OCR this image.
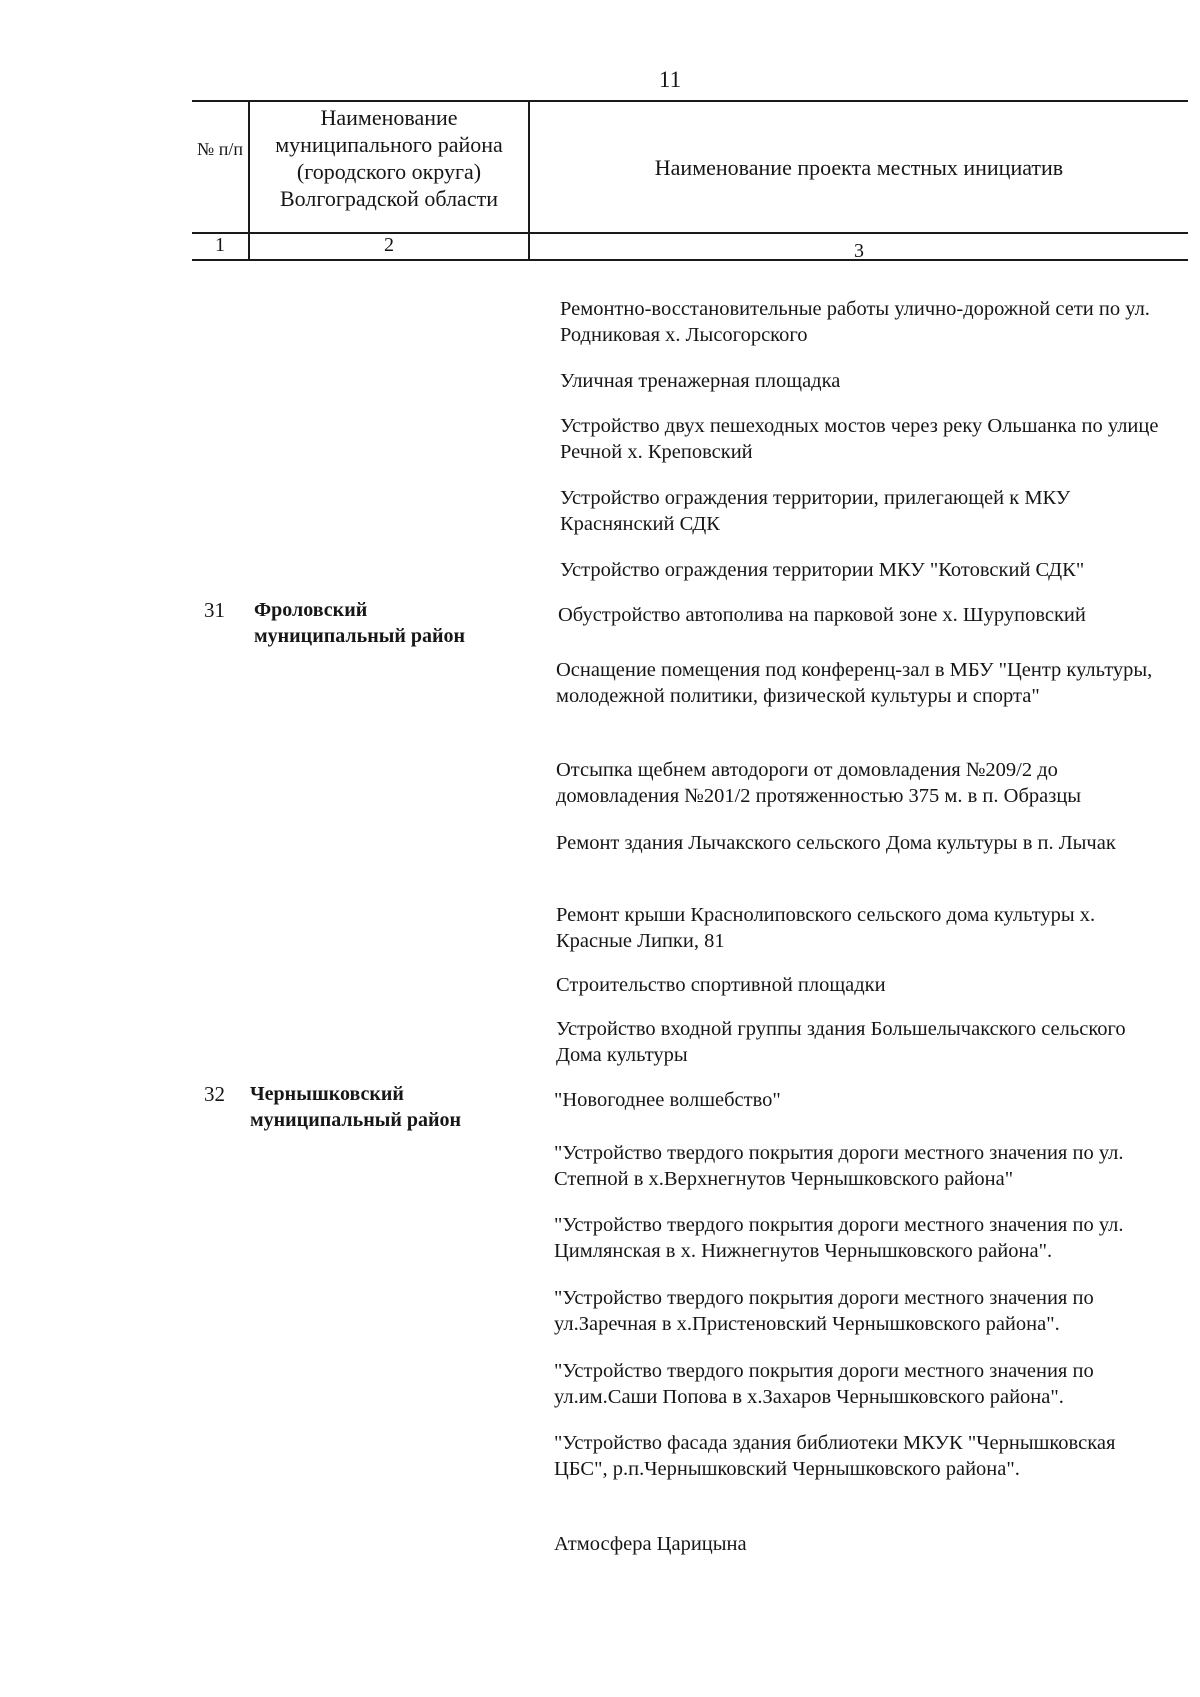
11
№ п/п
Наименование муниципального района (городского округа) Волгоградской области
Наименование проекта местных инициатив
1	2	3
Ремонтно-восстановительные работы улично-дорожной сети по ул. Родниковая х. Лысогорского
Уличная тренажерная площадка
Устройство двух пешеходных мостов через реку Ольшанка по улице Речной х. Креповский
Устройство ограждения территории, прилегающей к МКУ Краснянский СДК
Устройство ограждения территории МКУ "Котовский СДК"
31 Фроловский муниципальный район
Обустройство автополива на парковой зоне х. Шуруповский
Оснащение помещения под конференц-зал в МБУ "Центр культуры, молодежной политики, физической культуры и спорта"
Отсыпка щебнем автодороги от домовладения №209/2 до домовладения №201/2 протяженностью 375 м. в п. Образцы
Ремонт здания Лычакского сельского Дома культуры в п. Лычак
Ремонт крыши Краснолиповского сельского дома культуры х. Красные Липки, 81
Строительство спортивной площадки
Устройство входной группы здания Большелычакского сельского Дома культуры
32 Чернышковский муниципальный район
"Новогоднее волшебство"
"Устройство твердого покрытия дороги местного значения по ул. Степной в х.Верхнегнутов Чернышковского района"
"Устройство твердого покрытия дороги местного значения по ул. Цимлянская в х. Нижнегнутов Чернышковского района".
"Устройство твердого покрытия дороги местного значения по ул.Заречная в х.Пристеновский Чернышковского района".
"Устройство твердого покрытия дороги местного значения по ул.им.Саши Попова в х.Захаров Чернышковского района".
"Устройство фасада здания библиотеки МКУК "Чернышковская ЦБС", р.п.Чернышковский Чернышковского района".
Атмосфера Царицына
